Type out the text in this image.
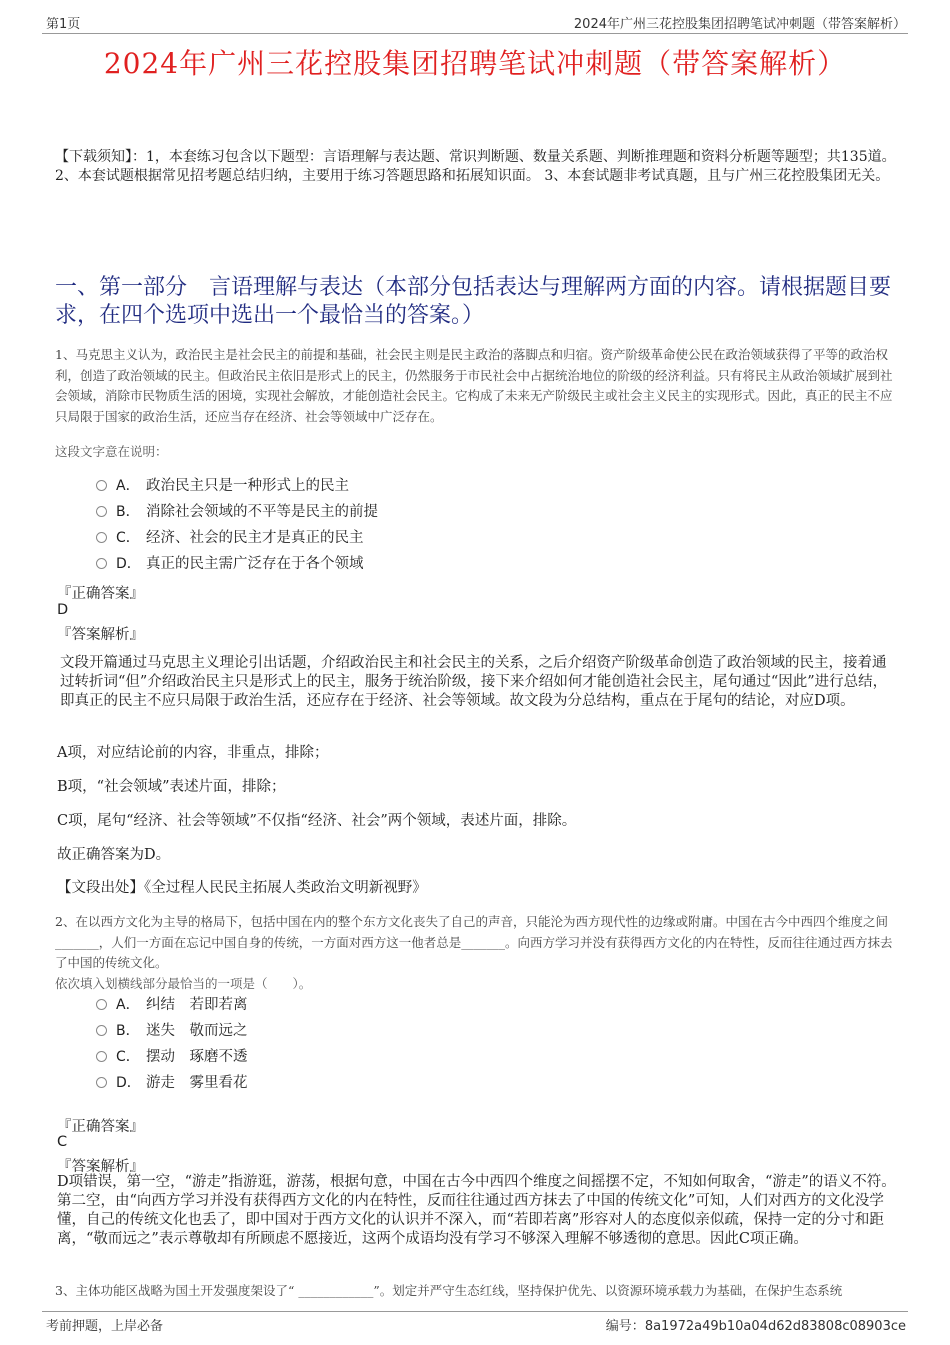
第1页	2024年广州三花控股集团招聘笔试冲刺题（带答案解析）
2024年广州三花控股集团招聘笔试冲刺题（带答案解析）
【下载须知】：1，本套练习包含以下题型：言语理解与表达题、常识判断题、数量关系题、判断推理题和资料分析题等题型；共135道。 2、本套试题根据常见招考题总结归纳，主要用于练习答题思路和拓展知识面。 3、本套试题非考试真题，且与广州三花控股集团无关。
一、第一部分　言语理解与表达（本部分包括表达与理解两方面的内容。请根据题目要求，在四个选项中选出一个最恰当的答案。）
1、马克思主义认为，政治民主是社会民主的前提和基础，社会民主则是民主政治的落脚点和归宿。资产阶级革命使公民在政治领域获得了平等的政治权利，创造了政治领域的民主。但政治民主依旧是形式上的民主，仍然服务于市民社会中占据统治地位的阶级的经济利益。只有将民主从政治领域扩展到社会领域，消除市民物质生活的困境，实现社会解放，才能创造社会民主。它构成了未来无产阶级民主或社会主义民主的实现形式。因此，真正的民主不应只局限于国家的政治生活，还应当存在经济、社会等领域中广泛存在。
这段文字意在说明：
A． 政治民主只是一种形式上的民主
B． 消除社会领域的不平等是民主的前提
C． 经济、社会的民主才是真正的民主
D． 真正的民主需广泛存在于各个领域
『正确答案』
D
『答案解析』
文段开篇通过马克思主义理论引出话题，介绍政治民主和社会民主的关系，之后介绍资产阶级革命创造了政治领域的民主，接着通过转折词“但”介绍政治民主只是形式上的民主，服务于统治阶级，接下来介绍如何才能创造社会民主，尾句通过“因此”进行总结，即真正的民主不应只局限于政治生活，还应存在于经济、社会等领域。故文段为分总结构，重点在于尾句的结论，对应D项。
A项，对应结论前的内容，非重点，排除；
B项，“社会领域”表述片面，排除；
C项，尾句“经济、社会等领域”不仅指“经济、社会”两个领域，表述片面，排除。
故正确答案为D。
【文段出处】《全过程人民民主拓展人类政治文明新视野》
2、在以西方文化为主导的格局下，包括中国在内的整个东方文化丧失了自己的声音，只能沦为西方现代性的边缘或附庸。中国在古今中西四个维度之间_______，人们一方面在忘记中国自身的传统，一方面对西方这一他者总是_______。向西方学习并没有获得西方文化的内在特性，反而往往通过西方抹去了中国的传统文化。
依次填入划横线部分最恰当的一项是（　　）。
A． 纠结　若即若离
B． 迷失　敬而远之
C． 摆动　琢磨不透
D． 游走　雾里看花
『正确答案』
C
『答案解析』
D项错误，第一空，“游走”指游逛，游荡，根据句意，中国在古今中西四个维度之间摇摆不定，不知如何取舍，“游走”的语义不符。第二空，由“向西方学习并没有获得西方文化的内在特性，反而往往通过西方抹去了中国的传统文化”可知，人们对西方的文化没学懂，自己的传统文化也丢了，即中国对于西方文化的认识并不深入，而“若即若离”形容对人的态度似亲似疏，保持一定的分寸和距离，“敬而远之”表示尊敬却有所顾虑不愿接近，这两个成语均没有学习不够深入理解不够透彻的意思。因此C项正确。
3、主体功能区战略为国土开发强度架设了“ ____________”。划定并严守生态红线，坚持保护优先、以资源环境承载力为基础，在保护生态系统
考前押题，上岸必备	编号：8a1972a49b10a04d62d83808c08903ce
